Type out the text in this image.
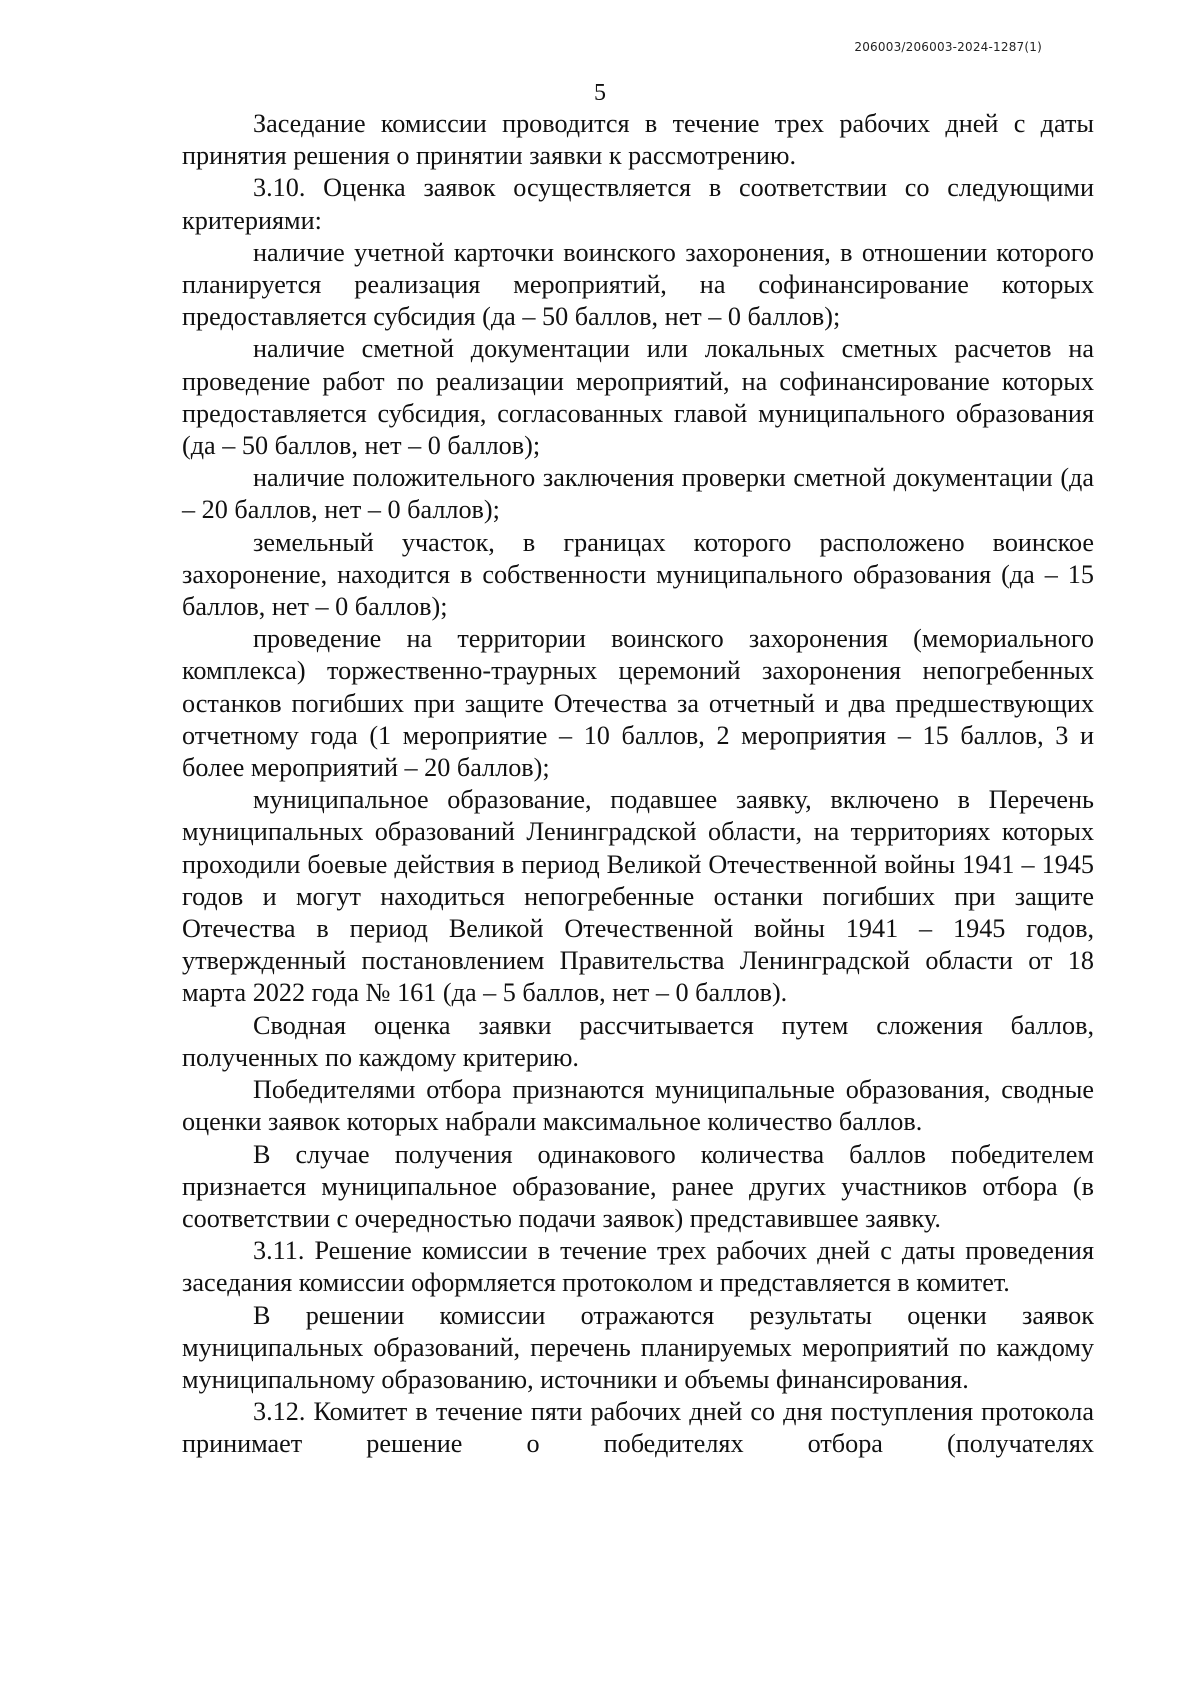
206003/206003-2024-1287(1)
5

Заседание комиссии проводится в течение трех рабочих дней с даты принятия решения о принятии заявки к рассмотрению.

3.10. Оценка заявок осуществляется в соответствии со следующими критериями:

наличие учетной карточки воинского захоронения, в отношении которого планируется реализация мероприятий, на софинансирование которых предоставляется субсидия (да – 50 баллов, нет – 0 баллов);

наличие сметной документации или локальных сметных расчетов на проведение работ по реализации мероприятий, на софинансирование которых предоставляется субсидия, согласованных главой муниципального образования (да – 50 баллов, нет – 0 баллов);

наличие положительного заключения проверки сметной документации (да – 20 баллов, нет – 0 баллов);

земельный участок, в границах которого расположено воинское захоронение, находится в собственности муниципального образования (да – 15 баллов, нет – 0 баллов);

проведение на территории воинского захоронения (мемориального комплекса) торжественно-траурных церемоний захоронения непогребенных останков погибших при защите Отечества за отчетный и два предшествующих отчетному года (1 мероприятие – 10 баллов, 2 мероприятия – 15 баллов, 3 и более мероприятий – 20 баллов);

муниципальное образование, подавшее заявку, включено в Перечень муниципальных образований Ленинградской области, на территориях которых проходили боевые действия в период Великой Отечественной войны 1941 – 1945 годов и могут находиться непогребенные останки погибших при защите Отечества в период Великой Отечественной войны 1941 – 1945 годов, утвержденный постановлением Правительства Ленинградской области от 18 марта 2022 года № 161 (да – 5 баллов, нет – 0 баллов).

Сводная оценка заявки рассчитывается путем сложения баллов, полученных по каждому критерию.

Победителями отбора признаются муниципальные образования, сводные оценки заявок которых набрали максимальное количество баллов.

В случае получения одинакового количества баллов победителем признается муниципальное образование, ранее других участников отбора (в соответствии с очередностью подачи заявок) представившее заявку.

3.11. Решение комиссии в течение трех рабочих дней с даты проведения заседания комиссии оформляется протоколом и представляется в комитет.

В решении комиссии отражаются результаты оценки заявок муниципальных образований, перечень планируемых мероприятий по каждому муниципальному образованию, источники и объемы финансирования.

3.12. Комитет в течение пяти рабочих дней со дня поступления протокола принимает решение о победителях отбора (получателях
